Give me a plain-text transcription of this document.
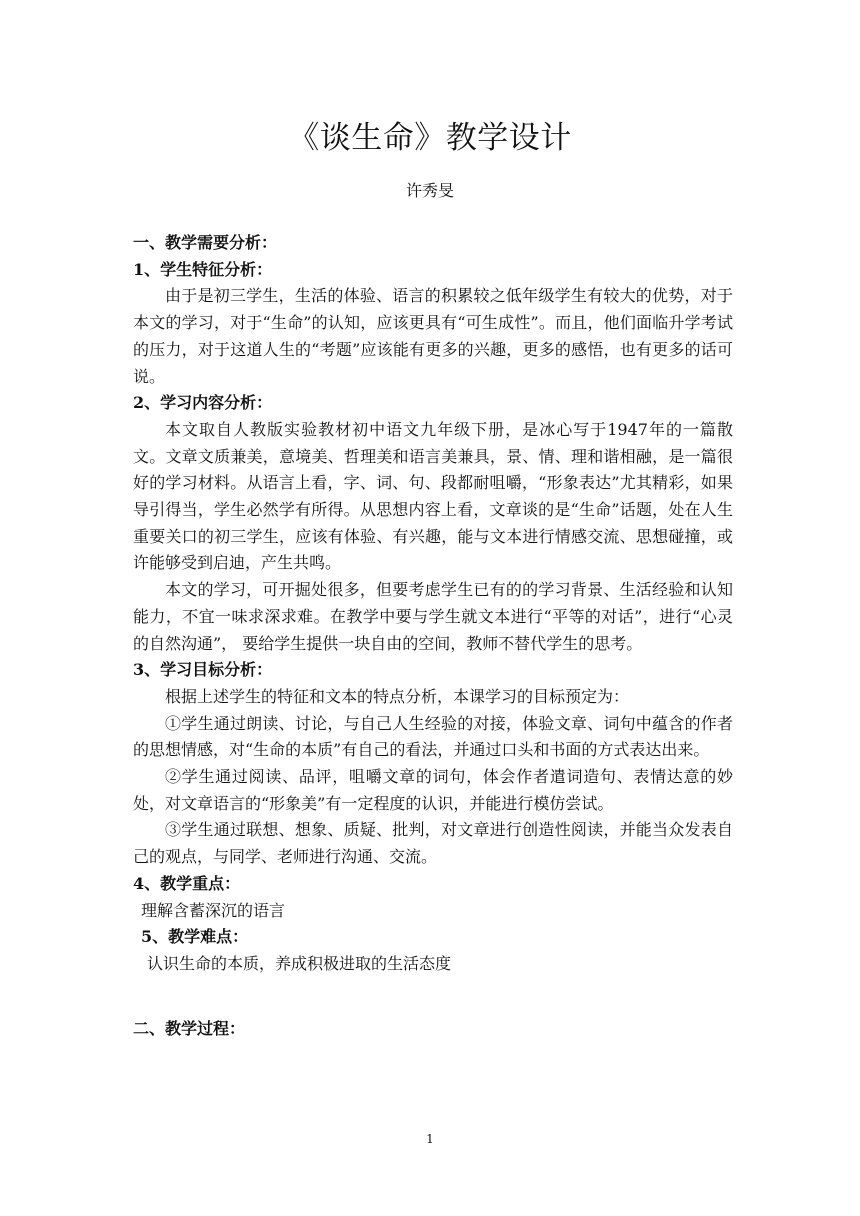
《谈生命》教学设计

许秀旻

一、教学需要分析：

1、学生特征分析：

由于是初三学生，生活的体验、语言的积累较之低年级学生有较大的优势，对于本文的学习，对于“生命”的认知，应该更具有“可生成性”。而且，他们面临升学考试的压力，对于这道人生的“考题”应该能有更多的兴趣，更多的感悟，也有更多的话可说。

2、学习内容分析：

本文取自人教版实验教材初中语文九年级下册，是冰心写于1947年的一篇散文。文章文质兼美，意境美、哲理美和语言美兼具，景、情、理和谐相融，是一篇很好的学习材料。从语言上看，字、词、句、段都耐咀嚼，“形象表达”尤其精彩，如果导引得当，学生必然学有所得。从思想内容上看，文章谈的是“生命”话题，处在人生重要关口的初三学生，应该有体验、有兴趣，能与文本进行情感交流、思想碰撞，或许能够受到启迪，产生共鸣。

本文的学习，可开掘处很多，但要考虑学生已有的的学习背景、生活经验和认知能力，不宜一味求深求难。在教学中要与学生就文本进行“平等的对话”，进行“心灵的自然沟通”， 要给学生提供一块自由的空间，教师不替代学生的思考。

3、学习目标分析：

根据上述学生的特征和文本的特点分析，本课学习的目标预定为：

①学生通过朗读、讨论，与自己人生经验的对接，体验文章、词句中蕴含的作者的思想情感，对“生命的本质”有自己的看法，并通过口头和书面的方式表达出来。

②学生通过阅读、品评，咀嚼文章的词句，体会作者遣词造句、表情达意的妙处，对文章语言的“形象美”有一定程度的认识，并能进行模仿尝试。

③学生通过联想、想象、质疑、批判，对文章进行创造性阅读，并能当众发表自己的观点，与同学、老师进行沟通、交流。

4、教学重点：

理解含蓄深沉的语言

5、教学难点：

认识生命的本质，养成积极进取的生活态度

二、教学过程：

1
